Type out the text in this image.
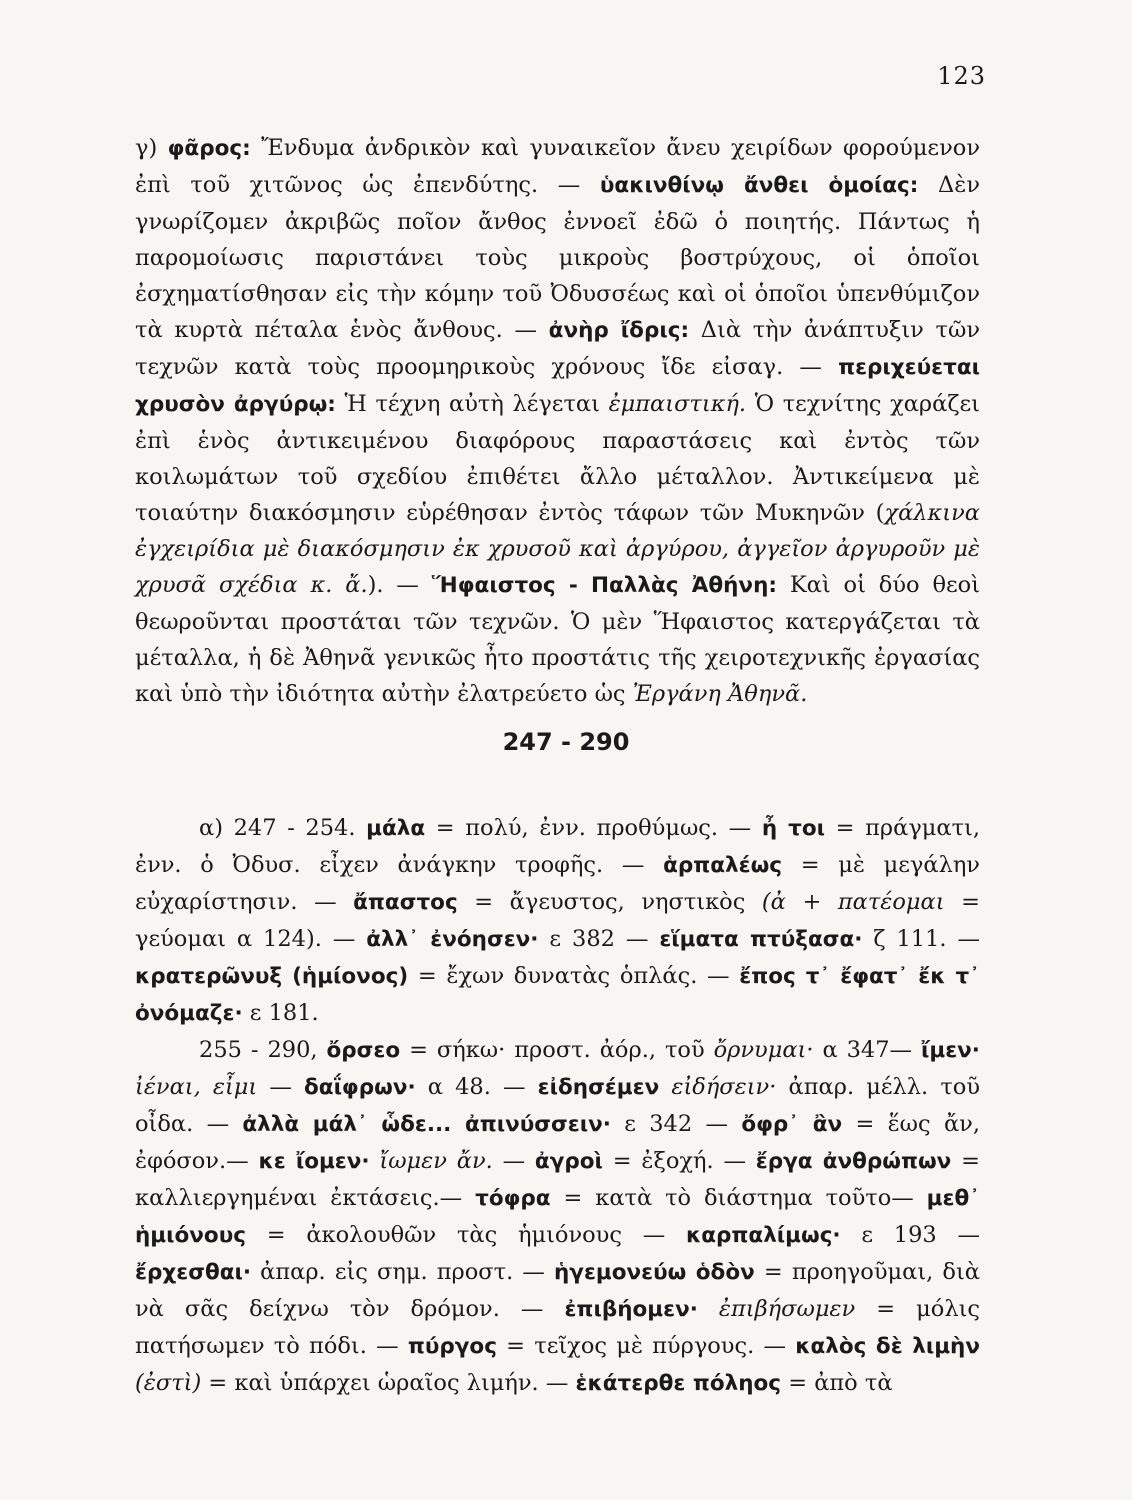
123

γ) φᾶρος: Ἔνδυμα ἀνδρικὸν καὶ γυναικεῖον ἄνευ χειρίδων φορούμενον ἐπὶ τοῦ χιτῶνος ὡς ἐπενδύτης. — ὑακινθίνῳ ἄνθει ὁμοίας: Δὲν γνωρίζομεν ἀκριβῶς ποῖον ἄνθος ἐννοεῖ ἐδῶ ὁ ποιητής. Πάντως ἡ παρομοίωσις παριστάνει τοὺς μικροὺς βοστρύχους, οἱ ὁποῖοι ἐσχηματίσθησαν εἰς τὴν κόμην τοῦ Ὀδυσσέως καὶ οἱ ὁποῖοι ὑπενθύμιζον τὰ κυρτὰ πέταλα ἑνὸς ἄνθους. — ἀνὴρ ἴδρις: Διὰ τὴν ἀνάπτυξιν τῶν τεχνῶν κατὰ τοὺς προομηρικοὺς χρόνους ἴδε εἰσαγ. — περιχεύεται χρυσὸν ἀργύρῳ: Ἡ τέχνη αὐτὴ λέγεται ἐμπαιστική. Ὁ τεχνίτης χαράζει ἐπὶ ἑνὸς ἀντικειμένου διαφόρους παραστάσεις καὶ ἐντὸς τῶν κοιλωμάτων τοῦ σχεδίου ἐπιθέτει ἄλλο μέταλλον. Ἀντικείμενα μὲ τοιαύτην διακόσμησιν εὑρέθησαν ἐντὸς τάφων τῶν Μυκηνῶν (χάλκινα ἐγχειρίδια μὲ διακόσμησιν ἐκ χρυσοῦ καὶ ἀργύρου, ἀγγεῖον ἀργυροῦν μὲ χρυσᾶ σχέδια κ. ἄ.). — Ἥφαιστος - Παλλὰς Ἀθήνη: Καὶ οἱ δύο θεοὶ θεωροῦνται προστάται τῶν τεχνῶν. Ὁ μὲν Ἥφαιστος κατεργάζεται τὰ μέταλλα, ἡ δὲ Ἀθηνᾶ γενικῶς ἦτο προστάτις τῆς χειροτεχνικῆς ἐργασίας καὶ ὑπὸ τὴν ἰδιότητα αὐτὴν ἐλατρεύετο ὡς Ἐργάνη Ἀθηνᾶ.

247 - 290

α) 247 - 254. μάλα = πολύ, ἐνν. προθύμως. — ἦ τοι = πράγματι, ἐνν. ὁ Ὀδυσ. εἶχεν ἀνάγκην τροφῆς. — ἁρπαλέως = μὲ μεγάλην εὐχαρίστησιν. — ἄπαστος = ἄγευστος, νηστικὸς (ἀ + πατέομαι = γεύομαι α 124). — ἀλλ᾽ ἐνόησεν· ε 382 — εἵματα πτύξασα· ζ 111. — κρατερῶνυξ (ἡμίονος) = ἔχων δυνατὰς ὁπλάς. — ἔπος τ᾽ ἔφατ᾽ ἔκ τ᾽ ὀνόμαζε· ε 181.

255 - 290, ὄρσεο = σήκω· προστ. ἀόρ., τοῦ ὄρνυμαι· α 347— ἴμεν· ἰέναι, εἶμι — δαΐφρων· α 48. — εἰδησέμεν εἰδήσειν· ἀπαρ. μέλλ. τοῦ οἶδα. — ἀλλὰ μάλ᾽ ὧδε... ἀπινύσσειν· ε 342 — ὄφρ᾽ ἂν = ἕως ἄν, ἐφόσον.— κε ἴομεν· ἴωμεν ἄν. — ἀγροὶ = ἐξοχή. — ἔργα ἀνθρώπων = καλλιεργημέναι ἐκτάσεις.— τόφρα = κατὰ τὸ διάστημα τοῦτο— μεθ᾽ ἡμιόνους = ἀκολουθῶν τὰς ἡμιόνους — καρπαλίμως· ε 193 — ἔρχεσθαι· ἀπαρ. εἰς σημ. προστ. — ἡγεμονεύω ὁδὸν = προηγοῦμαι, διὰ νὰ σᾶς δείχνω τὸν δρόμον. — ἐπιβήομεν· ἐπιβήσωμεν = μόλις πατήσωμεν τὸ πόδι. — πύργος = τεῖχος μὲ πύργους. — καλὸς δὲ λιμὴν (ἐστὶ) = καὶ ὑπάρχει ὡραῖος λιμήν. — ἑκάτερθε πόληος = ἀπὸ τὰ
